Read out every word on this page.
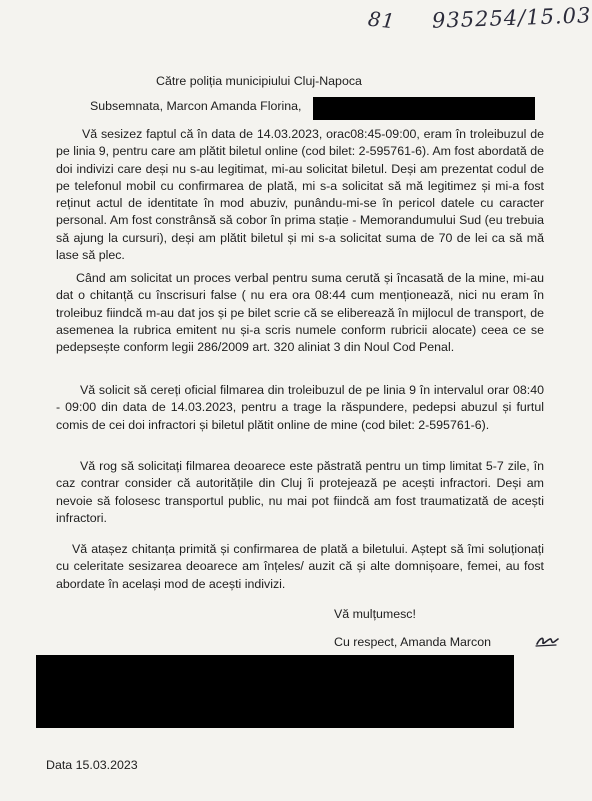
81 935254/15.03
Către poliția municipiului Cluj-Napoca
Subsemnata, Marcon Amanda Florina,
Vă sesizez faptul că în data de 14.03.2023, orac08:45-09:00, eram în troleibuzul de pe linia 9, pentru care am plătit biletul online (cod bilet: 2-595761-6). Am fost abordată de doi indivizi care deși nu s-au legitimat, mi-au solicitat biletul. Deși am prezentat codul de pe telefonul mobil cu confirmarea de plată, mi s-a solicitat să mă legitimez și mi-a fost reținut actul de identitate în mod abuziv, punându-mi-se în pericol datele cu caracter personal. Am fost constrânsă să cobor în prima stație - Memorandumului Sud (eu trebuia să ajung la cursuri), deși am plătit biletul și mi s-a solicitat suma de 70 de lei ca să mă lase să plec.
Când am solicitat un proces verbal pentru suma cerută și încasată de la mine, mi-au dat o chitanță cu înscrisuri false ( nu era ora 08:44 cum menționează, nici nu eram în troleibuz fiindcă m-au dat jos și pe bilet scrie că se eliberează în mijlocul de transport, de asemenea la rubrica emitent nu și-a scris numele conform rubricii alocate) ceea ce se pedepsește conform legii 286/2009 art. 320 aliniat 3 din Noul Cod Penal.
Vă solicit să cereți oficial filmarea din troleibuzul de pe linia 9 în intervalul orar 08:40 - 09:00 din data de 14.03.2023, pentru a trage la răspundere, pedepsi abuzul și furtul comis de cei doi infractori și biletul plătit online de mine (cod bilet: 2-595761-6).
Vă rog să solicitați filmarea deoarece este păstrată pentru un timp limitat 5-7 zile, în caz contrar consider că autoritățile din Cluj îi protejează pe acești infractori. Deși am nevoie să folosesc transportul public, nu mai pot fiindcă am fost traumatizată de acești infractori.
Vă atașez chitanța primită și confirmarea de plată a biletului. Aștept să îmi soluționați cu celeritate sesizarea deoarece am înțeles/ auzit că și alte domnișoare, femei, au fost abordate în același mod de acești indivizi.
Vă mulțumesc!
Cu respect, Amanda Marcon
Data 15.03.2023
